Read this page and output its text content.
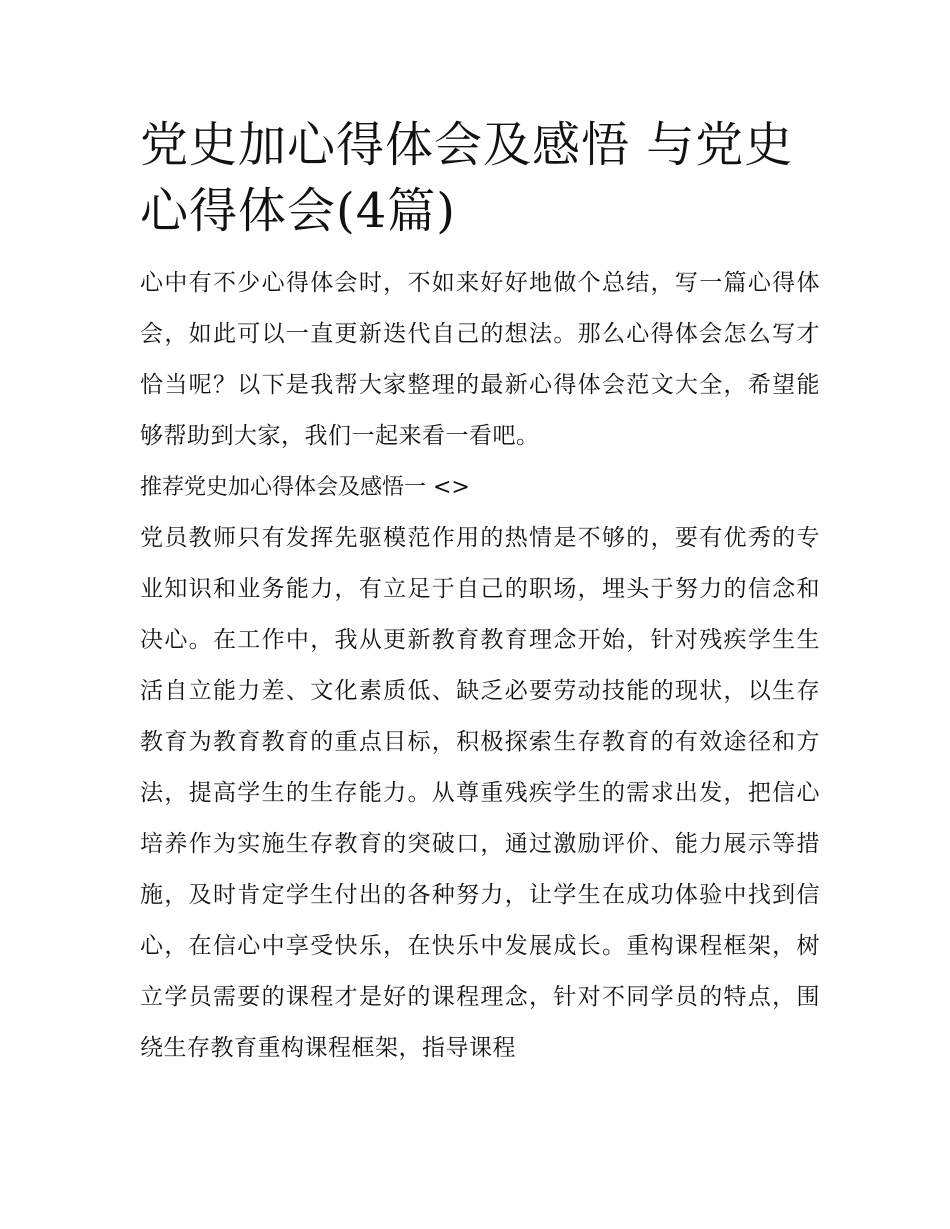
党史加心得体会及感悟 与党史心得体会(4篇)

心中有不少心得体会时，不如来好好地做个总结，写一篇心得体会，如此可以一直更新迭代自己的想法。那么心得体会怎么写才恰当呢？以下是我帮大家整理的最新心得体会范文大全，希望能够帮助到大家，我们一起来看一看吧。

推荐党史加心得体会及感悟一 <>

党员教师只有发挥先驱模范作用的热情是不够的，要有优秀的专业知识和业务能力，有立足于自己的职场，埋头于努力的信念和决心。在工作中，我从更新教育教育理念开始，针对残疾学生生活自立能力差、文化素质低、缺乏必要劳动技能的现状，以生存教育为教育教育的重点目标，积极探索生存教育的有效途径和方法，提高学生的生存能力。从尊重残疾学生的需求出发，把信心培养作为实施生存教育的突破口，通过激励评价、能力展示等措施，及时肯定学生付出的各种努力，让学生在成功体验中找到信心，在信心中享受快乐，在快乐中发展成长。重构课程框架，树立学员需要的课程才是好的课程理念，针对不同学员的特点，围绕生存教育重构课程框架，指导课程
